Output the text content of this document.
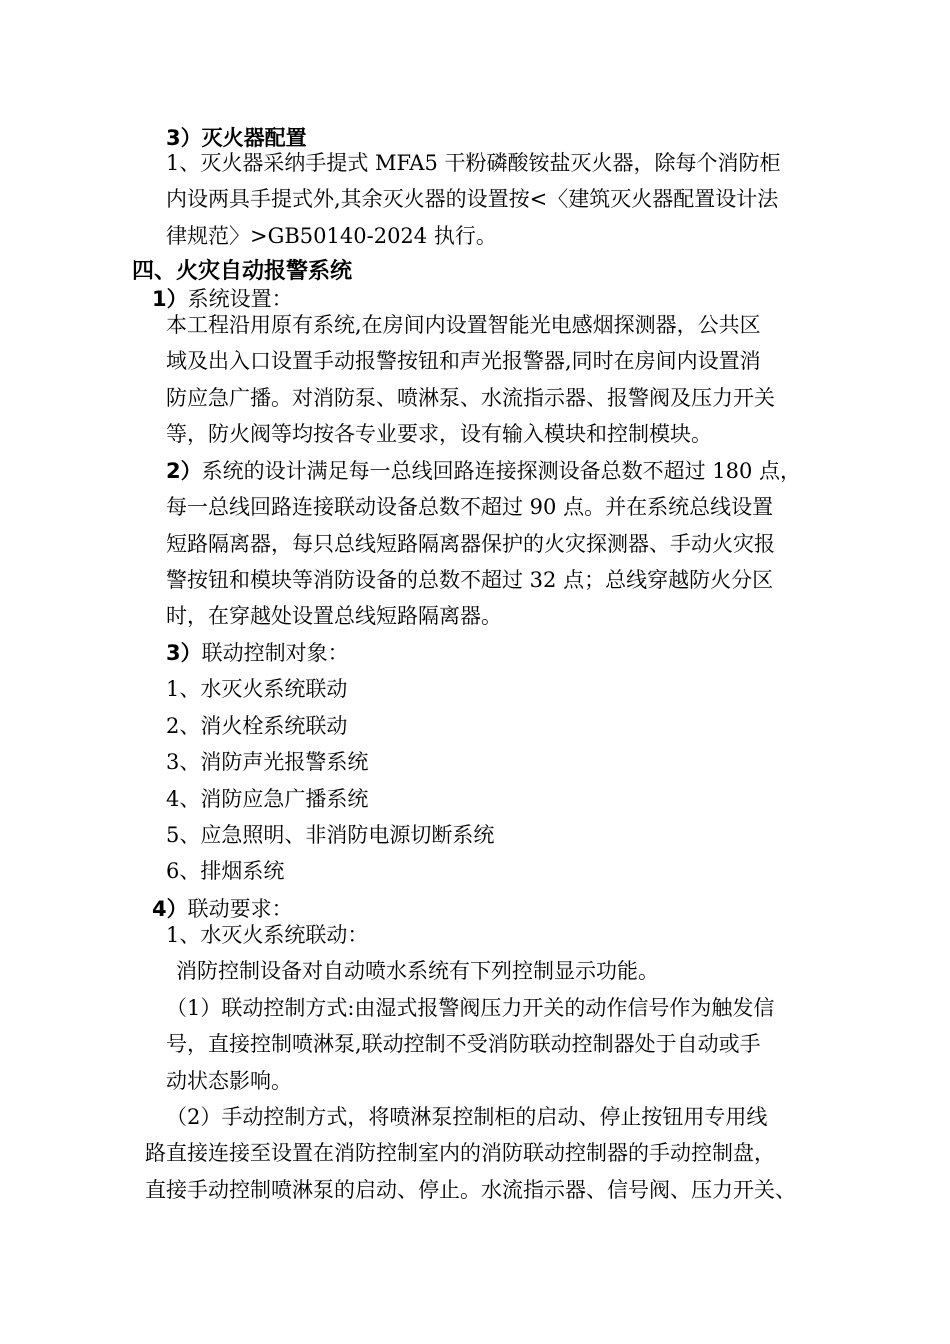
3）灭火器配置
1、灭火器采纳手提式 MFA5 干粉磷酸铵盐灭火器，除每个消防柜
内设两具手提式外,其余灭火器的设置按<〈建筑灭火器配置设计法
律规范〉>GB50140-2024 执行。
四、火灾自动报警系统
1）系统设置：
本工程沿用原有系统,在房间内设置智能光电感烟探测器，公共区
域及出入口设置手动报警按钮和声光报警器,同时在房间内设置消
防应急广播。对消防泵、喷淋泵、水流指示器、报警阀及压力开关
等，防火阀等均按各专业要求，设有输入模块和控制模块。
2）系统的设计满足每一总线回路连接探测设备总数不超过 180 点，
每一总线回路连接联动设备总数不超过 90 点。并在系统总线设置
短路隔离器，每只总线短路隔离器保护的火灾探测器、手动火灾报
警按钮和模块等消防设备的总数不超过 32 点；总线穿越防火分区
时，在穿越处设置总线短路隔离器。
3）联动控制对象：
1、水灭火系统联动
2、消火栓系统联动
3、消防声光报警系统
4、消防应急广播系统
5、应急照明、非消防电源切断系统
6、排烟系统
4）联动要求：
1、水灭火系统联动：
消防控制设备对自动喷水系统有下列控制显示功能。
（1）联动控制方式:由湿式报警阀压力开关的动作信号作为触发信
号，直接控制喷淋泵,联动控制不受消防联动控制器处于自动或手
动状态影响。
（2）手动控制方式，将喷淋泵控制柜的启动、停止按钮用专用线
路直接连接至设置在消防控制室内的消防联动控制器的手动控制盘，
直接手动控制喷淋泵的启动、停止。水流指示器、信号阀、压力开关、
